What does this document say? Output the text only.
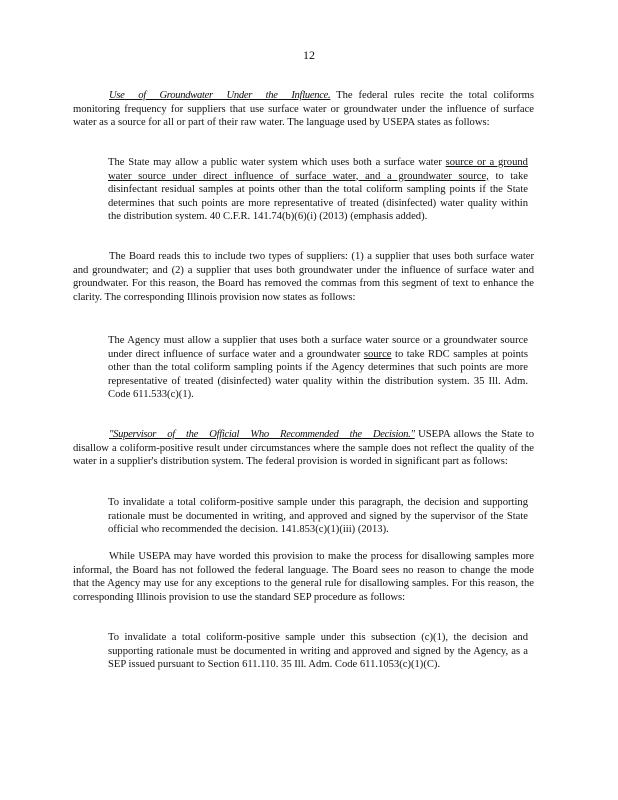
12
Use of Groundwater Under the Influence. The federal rules recite the total coliforms monitoring frequency for suppliers that use surface water or groundwater under the influence of surface water as a source for all or part of their raw water. The language used by USEPA states as follows:
The State may allow a public water system which uses both a surface water source or a ground water source under direct influence of surface water, and a groundwater source, to take disinfectant residual samples at points other than the total coliform sampling points if the State determines that such points are more representative of treated (disinfected) water quality within the distribution system. 40 C.F.R. 141.74(b)(6)(i) (2013) (emphasis added).
The Board reads this to include two types of suppliers: (1) a supplier that uses both surface water and groundwater; and (2) a supplier that uses both groundwater under the influence of surface water and groundwater. For this reason, the Board has removed the commas from this segment of text to enhance the clarity. The corresponding Illinois provision now states as follows:
The Agency must allow a supplier that uses both a surface water source or a groundwater source under direct influence of surface water and a groundwater source to take RDC samples at points other than the total coliform sampling points if the Agency determines that such points are more representative of treated (disinfected) water quality within the distribution system. 35 Ill. Adm. Code 611.533(c)(1).
"Supervisor of the Official Who Recommended the Decision." USEPA allows the State to disallow a coliform-positive result under circumstances where the sample does not reflect the quality of the water in a supplier's distribution system. The federal provision is worded in significant part as follows:
To invalidate a total coliform-positive sample under this paragraph, the decision and supporting rationale must be documented in writing, and approved and signed by the supervisor of the State official who recommended the decision. 141.853(c)(1)(iii) (2013).
While USEPA may have worded this provision to make the process for disallowing samples more informal, the Board has not followed the federal language. The Board sees no reason to change the mode that the Agency may use for any exceptions to the general rule for disallowing samples. For this reason, the corresponding Illinois provision to use the standard SEP procedure as follows:
To invalidate a total coliform-positive sample under this subsection (c)(1), the decision and supporting rationale must be documented in writing and approved and signed by the Agency, as a SEP issued pursuant to Section 611.110. 35 Ill. Adm. Code 611.1053(c)(1)(C).
